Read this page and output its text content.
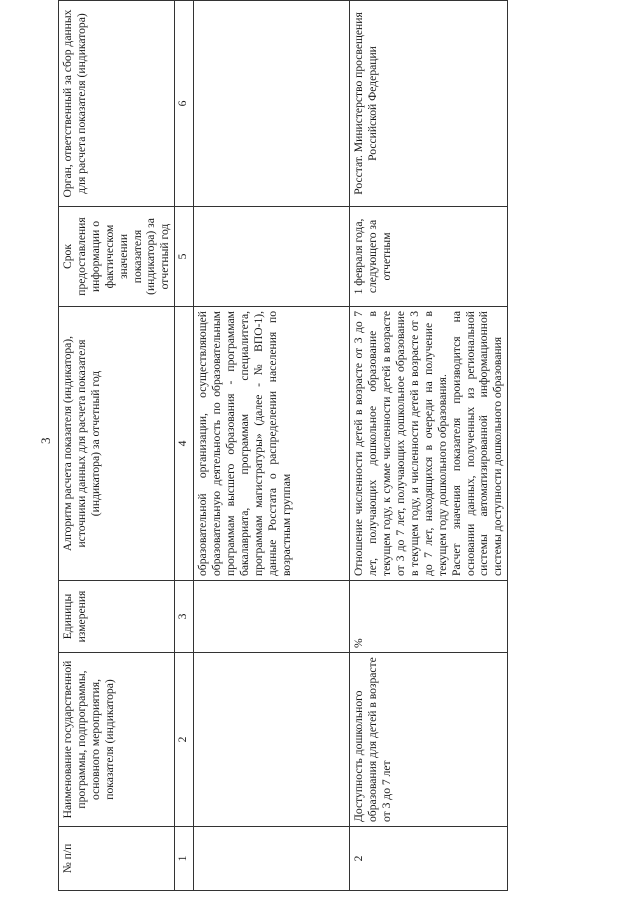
3
№ п/п	Наименование государственной программы, подпрограммы, основного мероприятия, показателя (индикатора)	Единицы измерения	Алгоритм расчета показателя (индикатора), источники данных для расчета показателя (индикатора) за отчетный год	Срок предоставления информации о фактическом значении показателя (индикатора) за отчетный год	Орган, ответственный за сбор данных для расчета показателя (индикатора)
1	2	3	4	5	6
			образовательной организации, осуществляющей образовательную деятельность по образовательным программам высшего образования - программам бакалавриата, программам специалитета, программам магистратуры» (далее - № ВПО-1), данные Росстата о распределении населения по возрастным группам		
2	Доступность дошкольного образования для детей в возрасте от 3 до 7 лет	%	Отношение численности детей в возрасте от 3 до 7 лет, получающих дошкольное образование в текущем году, к сумме численности детей в возрасте от 3 до 7 лет, получающих дошкольное образование в текущем году, и численности детей в возрасте от 3 до 7 лет, находящихся в очереди на получение в текущем году дошкольного образования. Расчет значения показателя производится на основании данных, полученных из региональной системы автоматизированной информационной системы доступности дошкольного образования	1 февраля года, следующего за отчетным	Росстат. Министерство просвещения Российской Федерации
